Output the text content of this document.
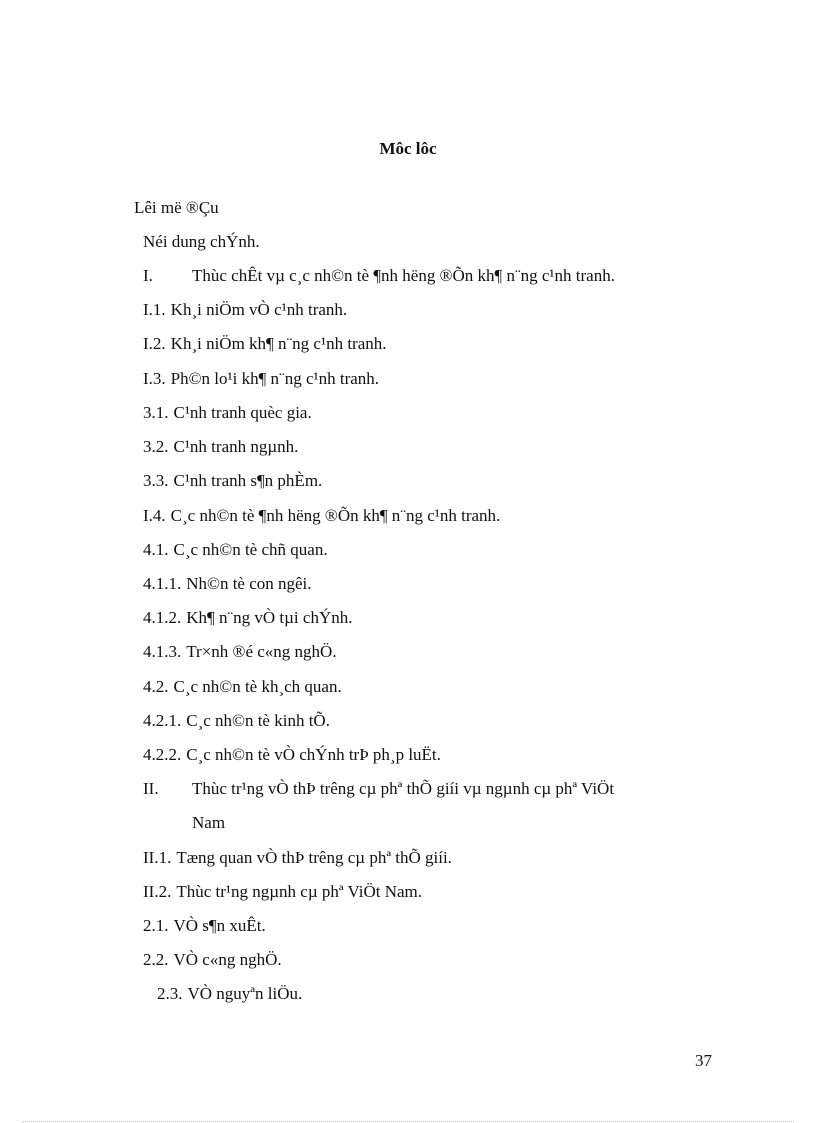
Môc lôc
Lêi më ®Çu
Néi dung chÝnh.
I. Thùc chÊt vµ c¸c nh©n tè ¶nh hëng ®Õn kh¶ n¨ng c¹nh tranh.
I.1. Kh¸i niÖm vÒ c¹nh tranh.
I.2. Kh¸i niÖm kh¶ n¨ng c¹nh tranh.
I.3. Ph©n lo¹i kh¶ n¨ng c¹nh tranh.
3.1. C¹nh tranh quèc gia.
3.2. C¹nh tranh ngµnh.
3.3. C¹nh tranh s¶n phÈm.
I.4. C¸c nh©n tè ¶nh hëng ®Õn kh¶ n¨ng c¹nh tranh.
4.1. C¸c nh©n tè chñ quan.
4.1.1. Nh©n tè con ngêi.
4.1.2. Kh¶ n¨ng vÒ tµi chÝnh.
4.1.3. Tr×nh ®é c«ng nghÖ.
4.2. C¸c nh©n tè kh¸ch quan.
4.2.1. C¸c nh©n tè kinh tÕ.
4.2.2. C¸c nh©n tè vÒ chÝnh trÞ ph¸p luËt.
II. Thùc tr¹ng vÒ thÞ trêng cµ phª thÕ giíi vµ ngµnh cµ phª ViÖt
Nam
II.1. Tæng quan vÒ thÞ trêng cµ phª thÕ giíi.
II.2. Thùc tr¹ng ngµnh cµ phª ViÖt Nam.
2.1. VÒ s¶n xuÊt.
2.2. VÒ c«ng nghÖ.
2.3. VÒ nguyªn liÖu.
37
